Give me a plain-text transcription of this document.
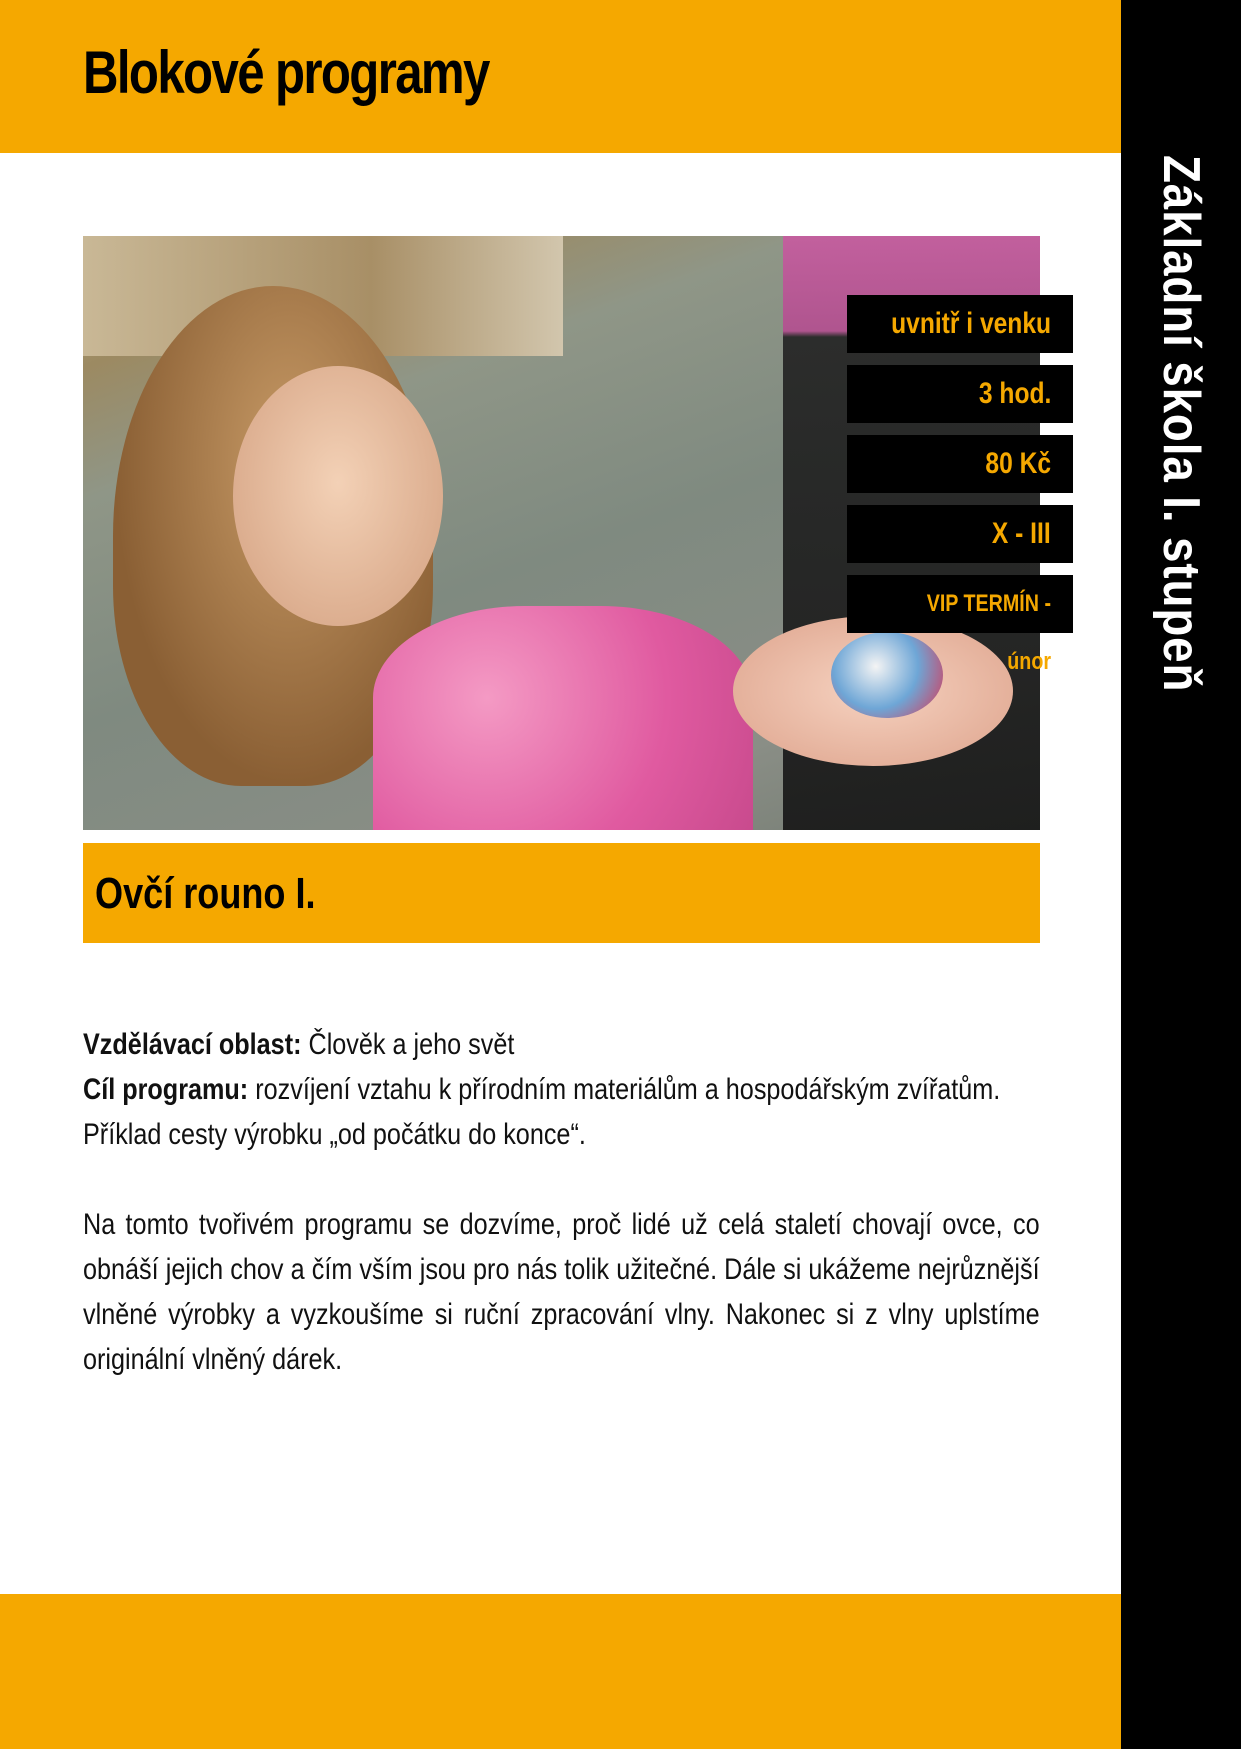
Blokové programy
Základní škola I. stupeň
uvnitř i venku
3 hod.
80 Kč
X - III
VIP TERMÍN - únor
Ovčí rouno I.

Vzdělávací oblast: Člověk a jeho svět

Cíl programu: rozvíjení vztahu k přírodním materiálům a hospodářským zvířatům.

Příklad cesty výrobku „od počátku do konce“.

Na tomto tvořivém programu se dozvíme, proč lidé už celá staletí chovají ovce, co

obnáší jejich chov a čím vším jsou pro nás tolik užitečné. Dále si ukážeme nejrůznější

vlněné výrobky a vyzkoušíme si ruční zpracování vlny. Nakonec si z vlny uplstíme

originální vlněný dárek.
